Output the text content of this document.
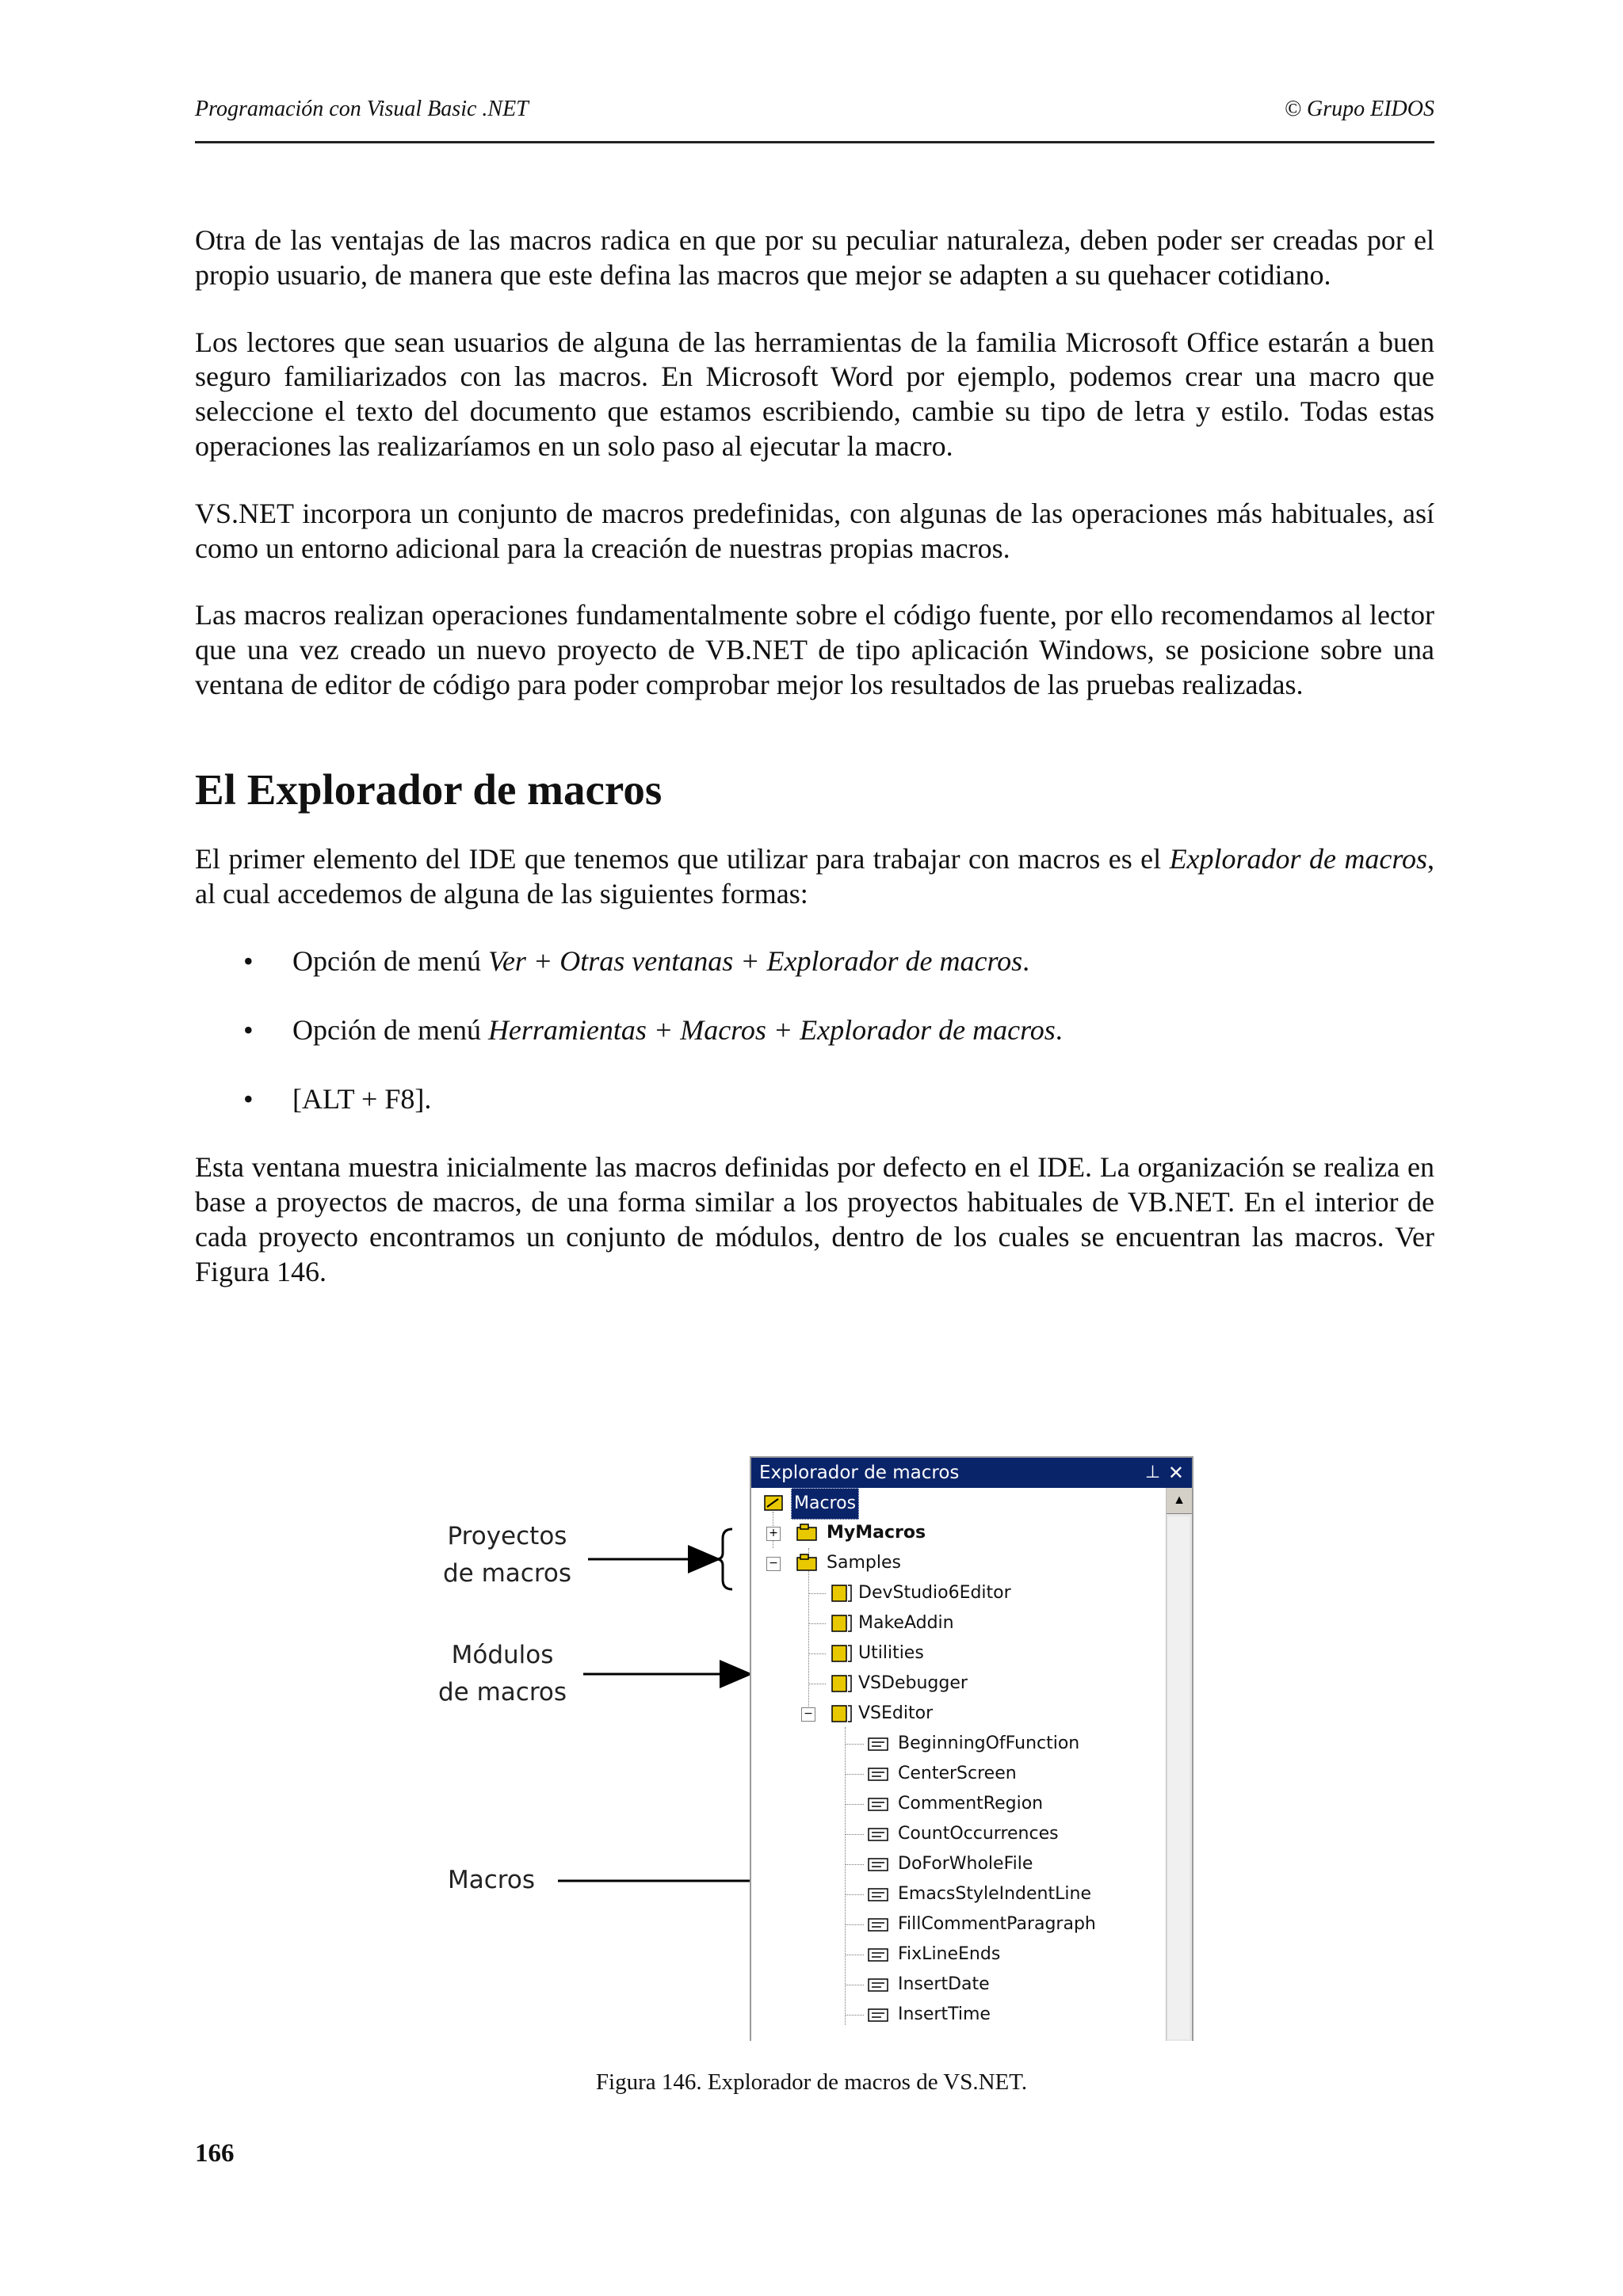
Programación con Visual Basic .NET	© Grupo EIDOS

Otra de las ventajas de las macros radica en que por su peculiar naturaleza, deben poder ser creadas por el propio usuario, de manera que este defina las macros que mejor se adapten a su quehacer cotidiano.

Los lectores que sean usuarios de alguna de las herramientas de la familia Microsoft Office estarán a buen seguro familiarizados con las macros. En Microsoft Word por ejemplo, podemos crear una macro que seleccione el texto del documento que estamos escribiendo, cambie su tipo de letra y estilo. Todas estas operaciones las realizaríamos en un solo paso al ejecutar la macro.

VS.NET incorpora un conjunto de macros predefinidas, con algunas de las operaciones más habituales, así como un entorno adicional para la creación de nuestras propias macros.

Las macros realizan operaciones fundamentalmente sobre el código fuente, por ello recomendamos al lector que una vez creado un nuevo proyecto de VB.NET de tipo aplicación Windows, se posicione sobre una ventana de editor de código para poder comprobar mejor los resultados de las pruebas realizadas.

El Explorador de macros

El primer elemento del IDE que tenemos que utilizar para trabajar con macros es el Explorador de macros, al cual accedemos de alguna de las siguientes formas:

• Opción de menú Ver + Otras ventanas + Explorador de macros.
• Opción de menú Herramientas + Macros + Explorador de macros.
• [ALT + F8].

Esta ventana muestra inicialmente las macros definidas por defecto en el IDE. La organización se realiza en base a proyectos de macros, de una forma similar a los proyectos habituales de VB.NET. En el interior de cada proyecto encontramos un conjunto de módulos, dentro de los cuales se encuentran las macros. Ver Figura 146.

Proyectos
de macros
Módulos
de macros
Macros
Explorador de macros	⊥ ✕
▲
Macros
+	MyMacros
−	Samples
DevStudio6Editor
MakeAddin
Utilities
VSDebugger
−	VSEditor
BeginningOfFunction
CenterScreen
CommentRegion
CountOccurrences
DoForWholeFile
EmacsStyleIndentLine
FillCommentParagraph
FixLineEnds
InsertDate
InsertTime
Figura 146. Explorador de macros de VS.NET.
166
